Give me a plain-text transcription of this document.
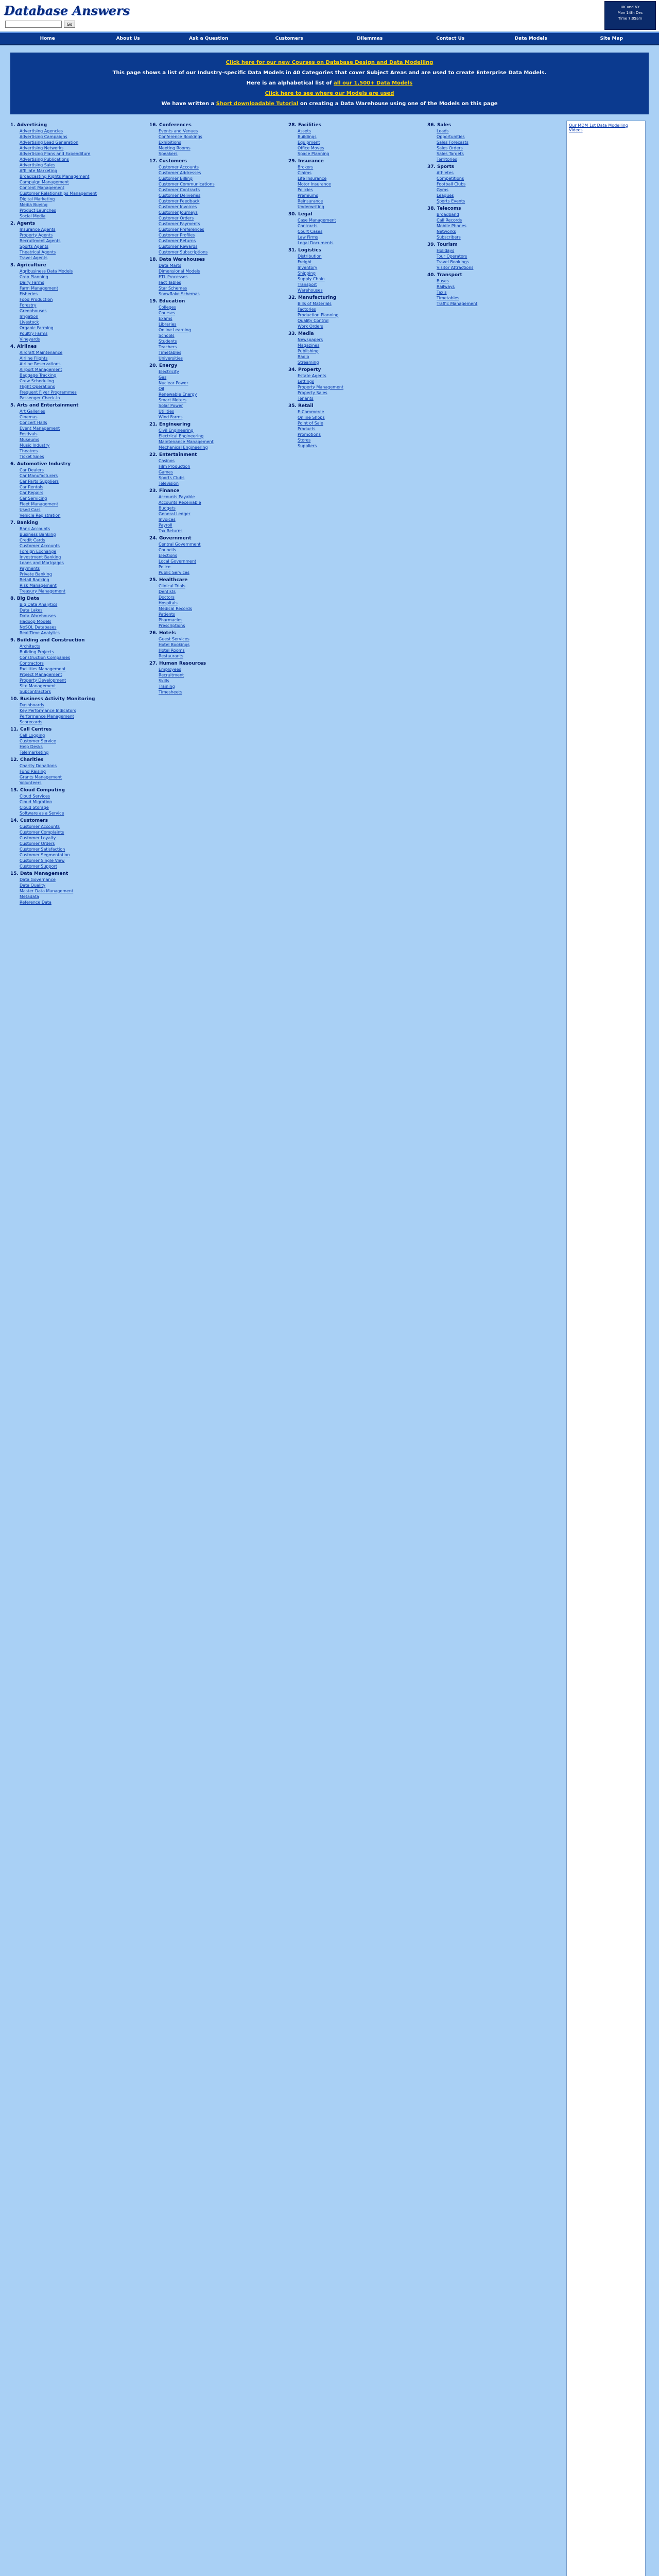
Database Answers
Go
UK and NY
Mon 14th Dec
Time 7:05am
Home	About Us	Ask a Question	Customers	Dilemmas	Contact Us	Data Models	Site Map

Click here for our new Courses on Database Design and Data Modelling

This page shows a list of our Industry-specific Data Models in 40 Categories that cover Subject Areas and are used to create Enterprise Data Models.

Here is an alphabetical list of all our 1,500+ Data Models

Click here to see where our Models are used

We have written a Short downloadable Tutorial on creating a Data Warehouse using one of the Models on this page

1. Advertising
Advertising Agencies
Advertising Campaigns
Advertising Lead Generation
Advertising Networks
Advertising Plans and Expenditure
Advertising Publications
Advertising Sales
Affiliate Marketing
Broadcasting Rights Management
Campaign Management
Content Management
Customer Relationships Management
Digital Marketing
Media Buying
Product Launches
Social Media
2. Agents
Insurance Agents
Property Agents
Recruitment Agents
Sports Agents
Theatrical Agents
Travel Agents
3. Agriculture
Agribusiness Data Models
Crop Planning
Dairy Farms
Farm Management
Fisheries
Food Production
Forestry
Greenhouses
Irrigation
Livestock
Organic Farming
Poultry Farms
Vineyards
4. Airlines
Aircraft Maintenance
Airline Flights
Airline Reservations
Airport Management
Baggage Tracking
Crew Scheduling
Flight Operations
Frequent Flyer Programmes
Passenger Check-In
5. Arts and Entertainment
Art Galleries
Cinemas
Concert Halls
Event Management
Festivals
Museums
Music Industry
Theatres
Ticket Sales
6. Automotive Industry
Car Dealers
Car Manufacturers
Car Parts Suppliers
Car Rentals
Car Repairs
Car Servicing
Fleet Management
Used Cars
Vehicle Registration
7. Banking
Bank Accounts
Business Banking
Credit Cards
Customer Accounts
Foreign Exchange
Investment Banking
Loans and Mortgages
Payments
Private Banking
Retail Banking
Risk Management
Treasury Management
8. Big Data
Big Data Analytics
Data Lakes
Data Warehouses
Hadoop Models
NoSQL Databases
Real-Time Analytics
9. Building and Construction
Architects
Building Projects
Construction Companies
Contractors
Facilities Management
Project Management
Property Development
Site Management
Subcontractors
10. Business Activity Monitoring
Dashboards
Key Performance Indicators
Performance Management
Scorecards
11. Call Centres
Call Logging
Customer Service
Help Desks
Telemarketing
12. Charities
Charity Donations
Fund Raising
Grants Management
Volunteers
13. Cloud Computing
Cloud Services
Cloud Migration
Cloud Storage
Software as a Service
14. Customers
Customer Accounts
Customer Complaints
Customer Loyalty
Customer Orders
Customer Satisfaction
Customer Segmentation
Customer Single View
Customer Support
15. Data Management
Data Governance
Data Quality
Master Data Management
Metadata
Reference Data
16. Conferences
Events and Venues
Conference Bookings
Exhibitions
Meeting Rooms
Speakers
17. Customers
Customer Accounts
Customer Addresses
Customer Billing
Customer Communications
Customer Contracts
Customer Deliveries
Customer Feedback
Customer Invoices
Customer Journeys
Customer Orders
Customer Payments
Customer Preferences
Customer Profiles
Customer Returns
Customer Rewards
Customer Subscriptions
18. Data Warehouses
Data Marts
Dimensional Models
ETL Processes
Fact Tables
Star Schemas
Snowflake Schemas
19. Education
Colleges
Courses
Exams
Libraries
Online Learning
Schools
Students
Teachers
Timetables
Universities
20. Energy
Electricity
Gas
Nuclear Power
Oil
Renewable Energy
Smart Meters
Solar Power
Utilities
Wind Farms
21. Engineering
Civil Engineering
Electrical Engineering
Maintenance Management
Mechanical Engineering
22. Entertainment
Casinos
Film Production
Games
Sports Clubs
Television
23. Finance
Accounts Payable
Accounts Receivable
Budgets
General Ledger
Invoices
Payroll
Tax Returns
24. Government
Central Government
Councils
Elections
Local Government
Police
Public Services
25. Healthcare
Clinical Trials
Dentists
Doctors
Hospitals
Medical Records
Patients
Pharmacies
Prescriptions
26. Hotels
Guest Services
Hotel Bookings
Hotel Rooms
Restaurants
27. Human Resources
Employees
Recruitment
Skills
Training
Timesheets
28. Facilities
Assets
Buildings
Equipment
Office Moves
Space Planning
29. Insurance
Brokers
Claims
Life Insurance
Motor Insurance
Policies
Premiums
Reinsurance
Underwriting
30. Legal
Case Management
Contracts
Court Cases
Law Firms
Legal Documents
31. Logistics
Distribution
Freight
Inventory
Shipping
Supply Chain
Transport
Warehouses
32. Manufacturing
Bills of Materials
Factories
Production Planning
Quality Control
Work Orders
33. Media
Newspapers
Magazines
Publishing
Radio
Streaming
34. Property
Estate Agents
Lettings
Property Management
Property Sales
Tenants
35. Retail
E-Commerce
Online Shops
Point of Sale
Products
Promotions
Stores
Suppliers
36. Sales
Leads
Opportunities
Sales Forecasts
Sales Orders
Sales Targets
Territories
37. Sports
Athletes
Competitions
Football Clubs
Gyms
Leagues
Sports Events
38. Telecoms
Broadband
Call Records
Mobile Phones
Networks
Subscribers
39. Tourism
Holidays
Tour Operators
Travel Bookings
Visitor Attractions
40. Transport
Buses
Railways
Taxis
Timetables
Traffic Management
Our MDM 1st Data Modelling Videos
